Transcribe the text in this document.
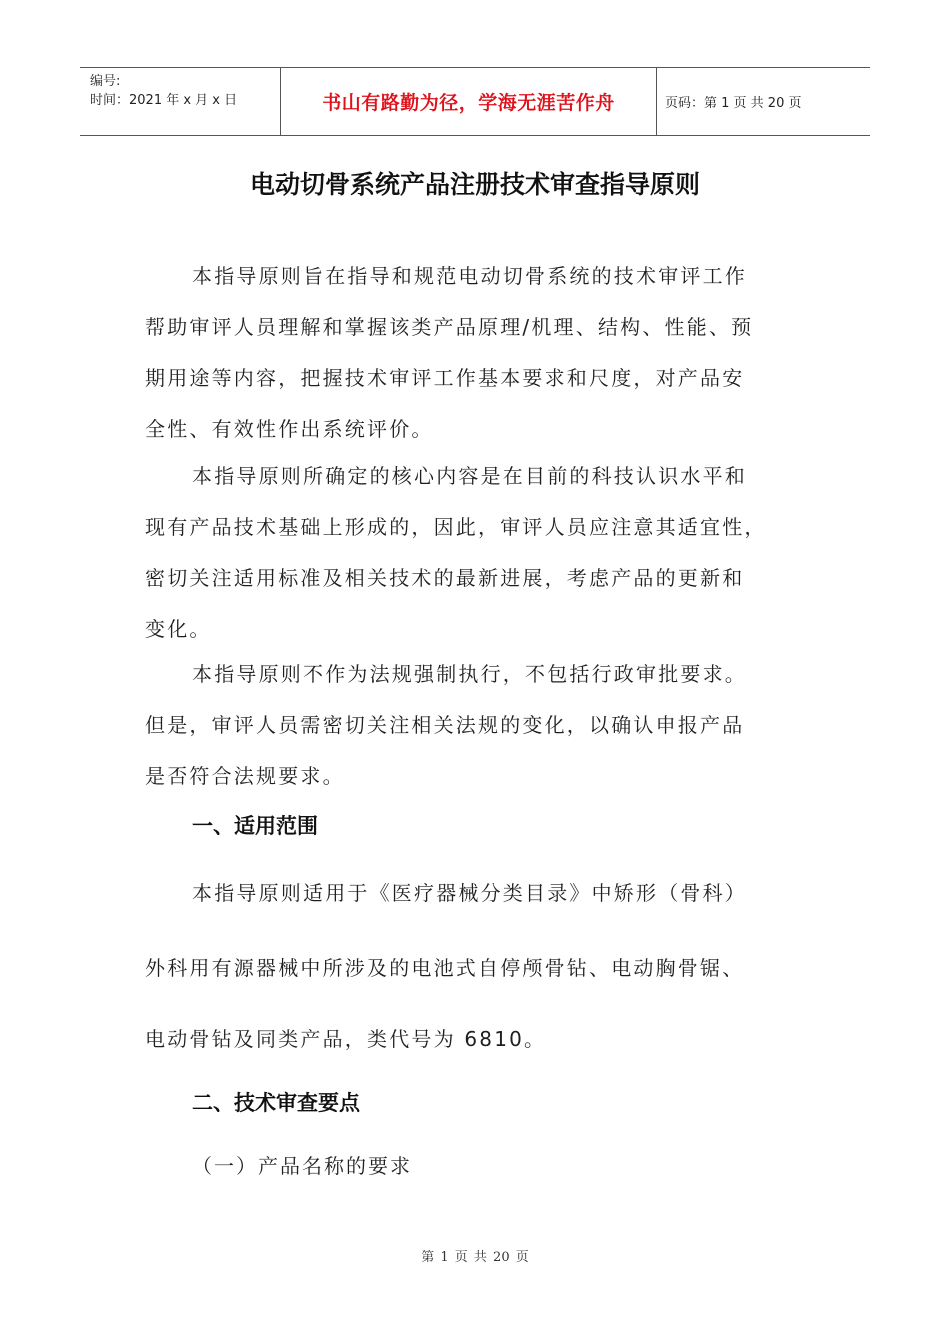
编号:
时间：2021 年 x 月 x 日	书山有路勤为径，学海无涯苦作舟	页码：第 1 页 共 20 页
电动切骨系统产品注册技术审查指导原则
本指导原则旨在指导和规范电动切骨系统的技术审评工作
帮助审评人员理解和掌握该类产品原理/机理、结构、性能、预
期用途等内容，把握技术审评工作基本要求和尺度，对产品安
全性、有效性作出系统评价。
本指导原则所确定的核心内容是在目前的科技认识水平和
现有产品技术基础上形成的，因此，审评人员应注意其适宜性，
密切关注适用标准及相关技术的最新进展，考虑产品的更新和
变化。
本指导原则不作为法规强制执行，不包括行政审批要求。
但是，审评人员需密切关注相关法规的变化，以确认申报产品
是否符合法规要求。
一、适用范围
本指导原则适用于《医疗器械分类目录》中矫形（骨科）
外科用有源器械中所涉及的电池式自停颅骨钻、电动胸骨锯、
电动骨钻及同类产品，类代号为 6810。
二、技术审查要点
（一）产品名称的要求
第 1 页 共 20 页
